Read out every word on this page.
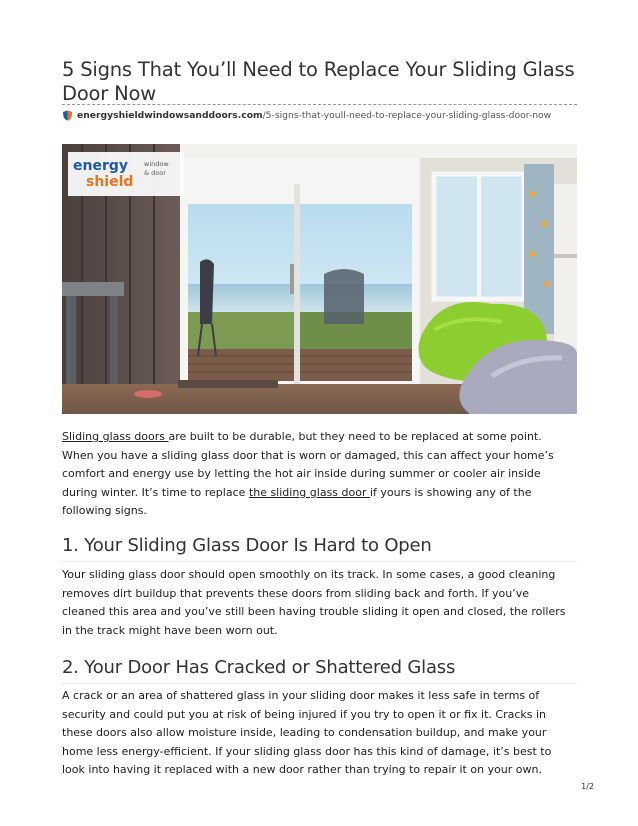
5 Signs That You’ll Need to Replace Your Sliding Glass Door Now
energyshieldwindowsanddoors.com /5-signs-that-youll-need-to-replace-your-sliding-glass-door-now
energy
shield
window
& door

Sliding glass doors are built to be durable, but they need to be replaced at some point. When you have a sliding glass door that is worn or damaged, this can affect your home’s comfort and energy use by letting the hot air inside during summer or cooler air inside during winter. It’s time to replace the sliding glass door if yours is showing any of the following signs.

1. Your Sliding Glass Door Is Hard to Open

Your sliding glass door should open smoothly on its track. In some cases, a good cleaning removes dirt buildup that prevents these doors from sliding back and forth. If you’ve cleaned this area and you’ve still been having trouble sliding it open and closed, the rollers in the track might have been worn out.

2. Your Door Has Cracked or Shattered Glass

A crack or an area of shattered glass in your sliding door makes it less safe in terms of security and could put you at risk of being injured if you try to open it or fix it. Cracks in these doors also allow moisture inside, leading to condensation buildup, and make your home less energy-efficient. If your sliding glass door has this kind of damage, it’s best to look into having it replaced with a new door rather than trying to repair it on your own.

1/2
